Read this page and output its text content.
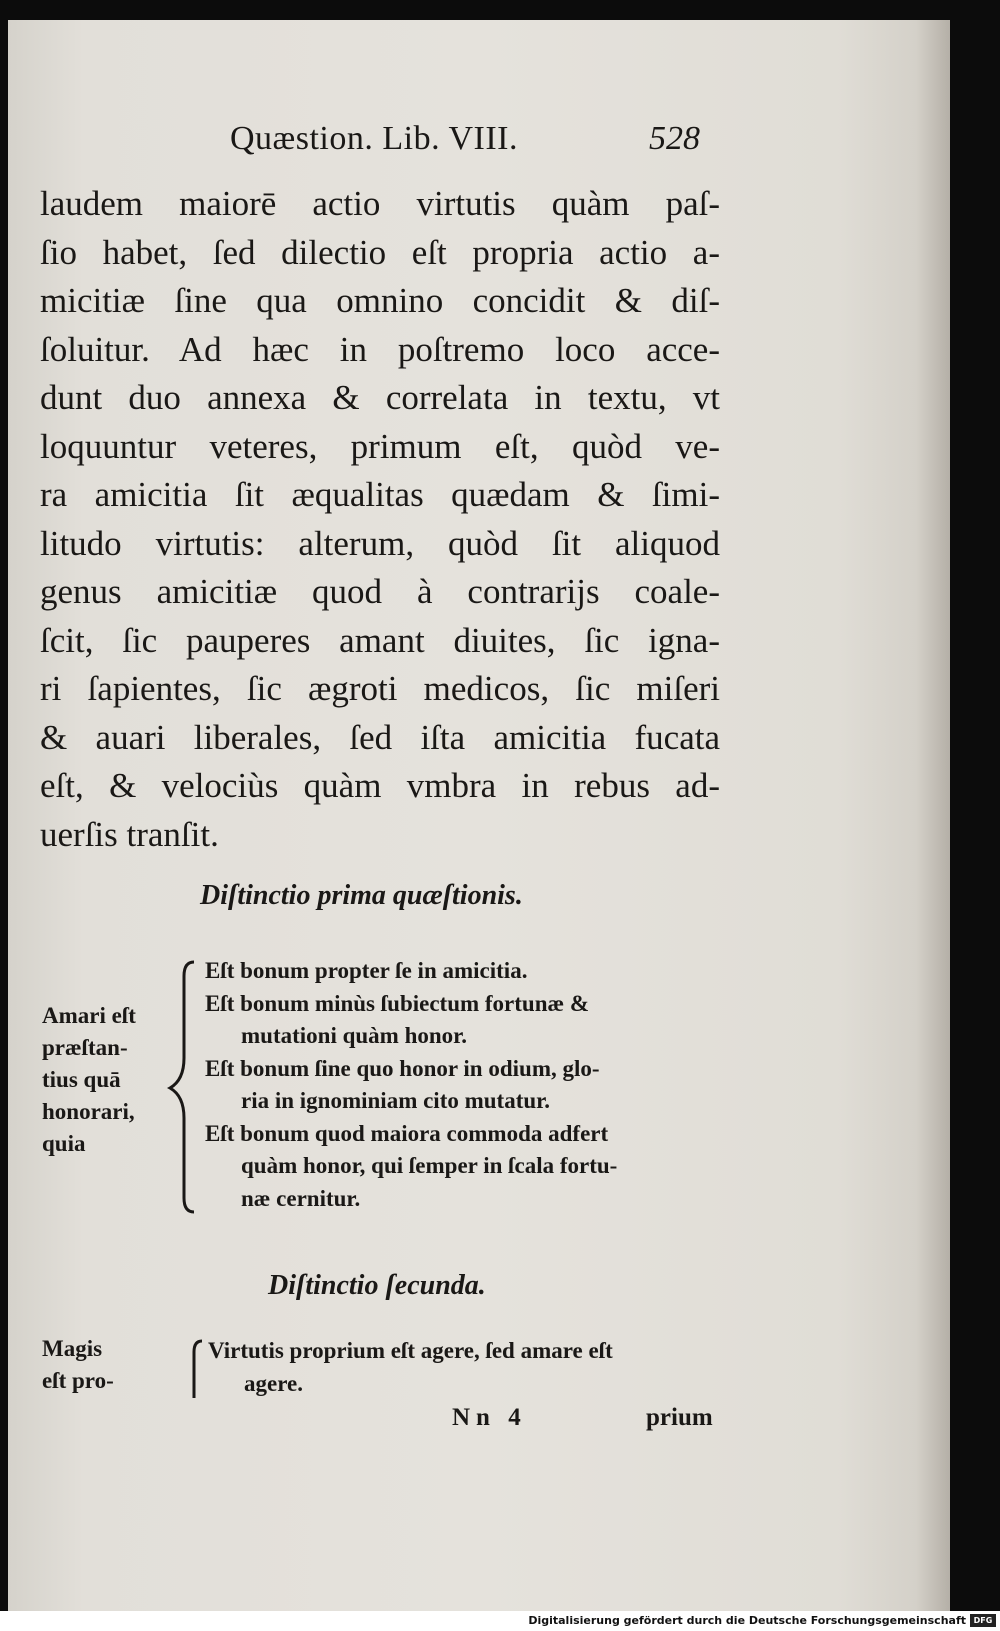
Quæstion. Lib. VIII.	528
laudem maiorē actio virtutis quàm paſ-
ſio habet, ſed dilectio eſt propria actio a-
micitiæ ſine qua omnino concidit & diſ-
ſoluitur. Ad hæc in poſtremo loco acce-
dunt duo annexa & correlata in textu, vt
loquuntur veteres, primum eſt, quòd ve-
ra amicitia ſit æqualitas quædam & ſimi-
litudo virtutis: alterum, quòd ſit aliquod
genus amicitiæ quod à contrarijs coale-
ſcit, ſic pauperes amant diuites, ſic igna-
ri ſapientes, ſic ægroti medicos, ſic miſeri
& auari liberales, ſed iſta amicitia fucata
eſt, & velociùs quàm vmbra in rebus ad-
uerſis tranſit.
Diſtinctio prima quæſtionis.
Amari eſt
præſtan-
tius quā
honorari,
quia
Eſt bonum propter ſe in amicitia.
Eſt bonum minùs ſubiectum fortunæ &
mutationi quàm honor.
Eſt bonum ſine quo honor in odium, glo-
ria in ignominiam cito mutatur.
Eſt bonum quod maiora commoda adfert
quàm honor, qui ſemper in ſcala fortu-
næ cernitur.
Diſtinctio ſecunda.
Magis
eſt pro-
Virtutis proprium eſt agere, ſed amare eſt
agere.
Nn 4	prium
Digitalisierung gefördert durch die Deutsche Forschungsgemeinschaft DFG
